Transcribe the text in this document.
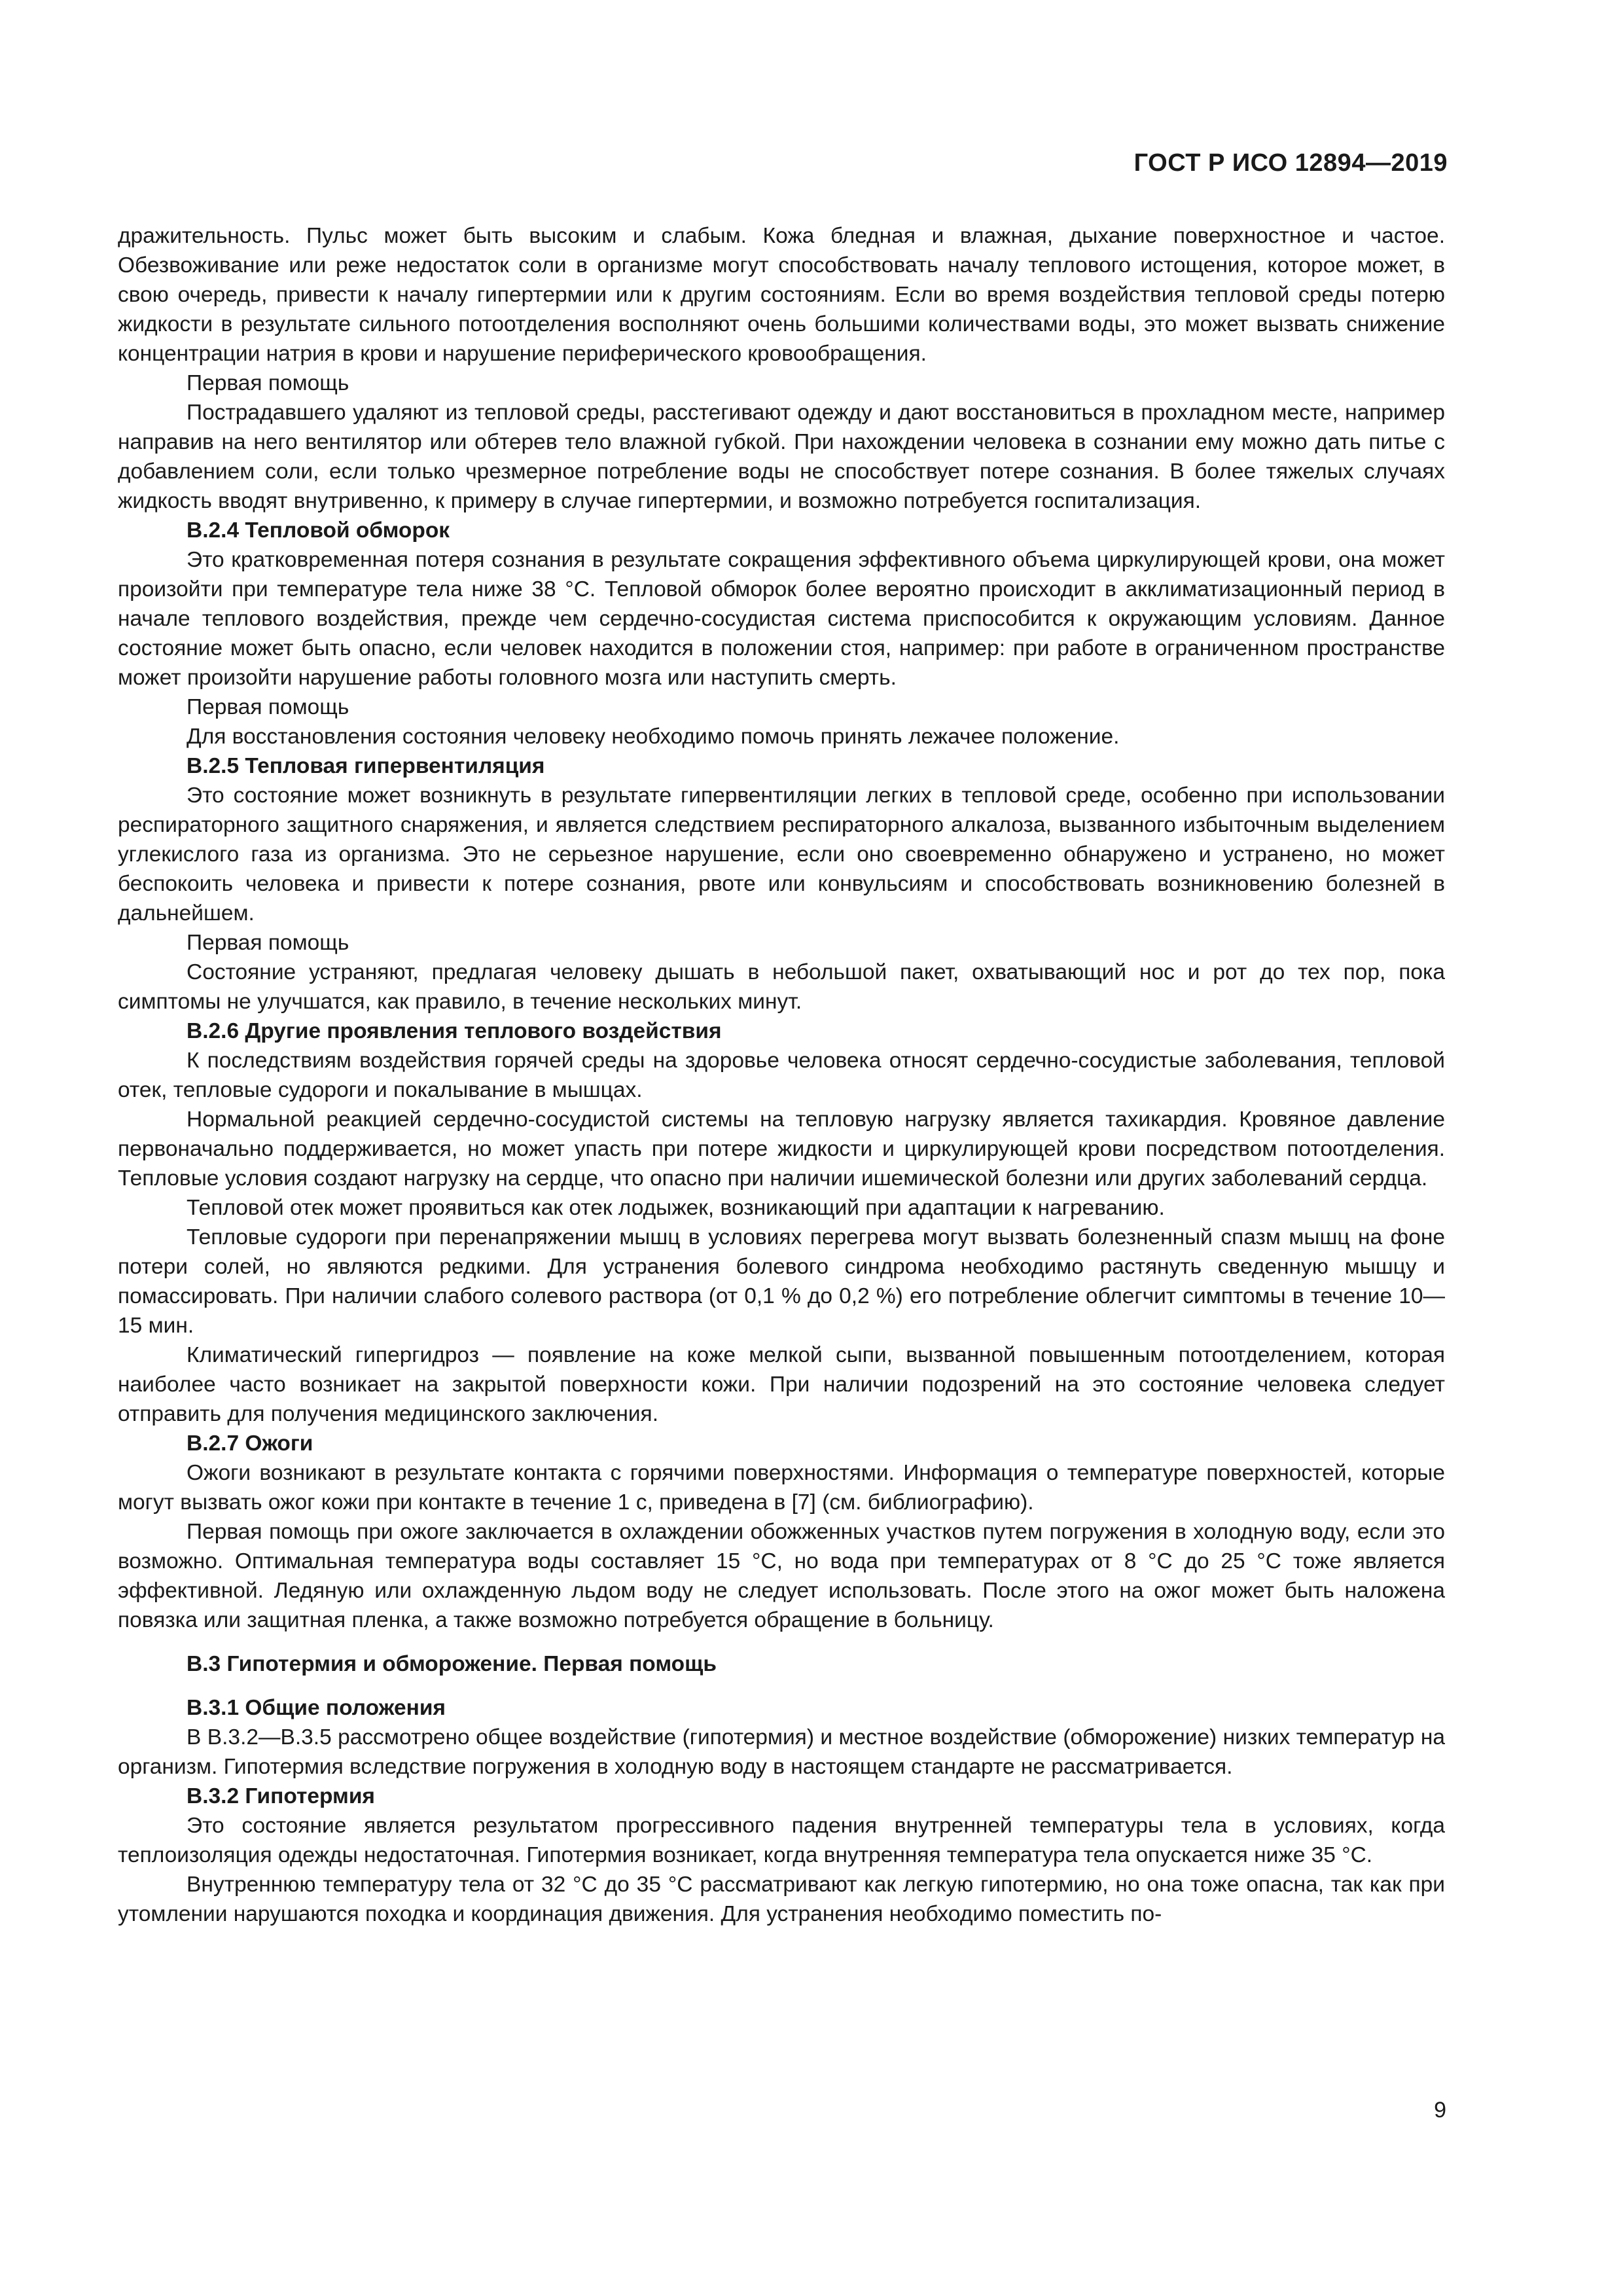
ГОСТ Р ИСО 12894—2019

дражительность. Пульс может быть высоким и слабым. Кожа бледная и влажная, дыхание поверхностное и частое. Обезвоживание или реже недостаток соли в организме могут способствовать началу теплового истощения, которое может, в свою очередь, привести к началу гипертермии или к другим состояниям. Если во время воздействия тепловой среды потерю жидкости в результате сильного потоотделения восполняют очень большими количествами воды, это может вызвать снижение концентрации натрия в крови и нарушение периферического кровообращения.

Первая помощь

Пострадавшего удаляют из тепловой среды, расстегивают одежду и дают восстановиться в прохладном месте, например направив на него вентилятор или обтерев тело влажной губкой. При нахождении человека в сознании ему можно дать питье с добавлением соли, если только чрезмерное потребление воды не способствует потере сознания. В более тяжелых случаях жидкость вводят внутривенно, к примеру в случае гипертермии, и возможно потребуется госпитализация.

В.2.4 Тепловой обморок

Это кратковременная потеря сознания в результате сокращения эффективного объема циркулирующей крови, она может произойти при температуре тела ниже 38 °С. Тепловой обморок более вероятно происходит в акклиматизационный период в начале теплового воздействия, прежде чем сердечно-сосудистая система приспособится к окружающим условиям. Данное состояние может быть опасно, если человек находится в положении стоя, например: при работе в ограниченном пространстве может произойти нарушение работы головного мозга или наступить смерть.

Первая помощь

Для восстановления состояния человеку необходимо помочь принять лежачее положение.

В.2.5 Тепловая гипервентиляция

Это состояние может возникнуть в результате гипервентиляции легких в тепловой среде, особенно при использовании респираторного защитного снаряжения, и является следствием респираторного алкалоза, вызванного избыточным выделением углекислого газа из организма. Это не серьезное нарушение, если оно своевременно обнаружено и устранено, но может беспокоить человека и привести к потере сознания, рвоте или конвульсиям и способствовать возникновению болезней в дальнейшем.

Первая помощь

Состояние устраняют, предлагая человеку дышать в небольшой пакет, охватывающий нос и рот до тех пор, пока симптомы не улучшатся, как правило, в течение нескольких минут.

В.2.6 Другие проявления теплового воздействия

К последствиям воздействия горячей среды на здоровье человека относят сердечно-сосудистые заболевания, тепловой отек, тепловые судороги и покалывание в мышцах.

Нормальной реакцией сердечно-сосудистой системы на тепловую нагрузку является тахикардия. Кровяное давление первоначально поддерживается, но может упасть при потере жидкости и циркулирующей крови посредством потоотделения. Тепловые условия создают нагрузку на сердце, что опасно при наличии ишемической болезни или других заболеваний сердца.

Тепловой отек может проявиться как отек лодыжек, возникающий при адаптации к нагреванию.

Тепловые судороги при перенапряжении мышц в условиях перегрева могут вызвать болезненный спазм мышц на фоне потери солей, но являются редкими. Для устранения болевого синдрома необходимо растянуть сведенную мышцу и помассировать. При наличии слабого солевого раствора (от 0,1 % до 0,2 %) его потребление облегчит симптомы в течение 10—15 мин.

Климатический гипергидроз — появление на коже мелкой сыпи, вызванной повышенным потоотделением, которая наиболее часто возникает на закрытой поверхности кожи. При наличии подозрений на это состояние человека следует отправить для получения медицинского заключения.

В.2.7 Ожоги

Ожоги возникают в результате контакта с горячими поверхностями. Информация о температуре поверхностей, которые могут вызвать ожог кожи при контакте в течение 1 с, приведена в [7] (см. библиографию).

Первая помощь при ожоге заключается в охлаждении обожженных участков путем погружения в холодную воду, если это возможно. Оптимальная температура воды составляет 15 °С, но вода при температурах от 8 °С до 25 °С тоже является эффективной. Ледяную или охлажденную льдом воду не следует использовать. После этого на ожог может быть наложена повязка или защитная пленка, а также возможно потребуется обращение в больницу.

В.3 Гипотермия и обморожение. Первая помощь

В.3.1 Общие положения

В В.3.2—В.3.5 рассмотрено общее воздействие (гипотермия) и местное воздействие (обморожение) низких температур на организм. Гипотермия вследствие погружения в холодную воду в настоящем стандарте не рассматривается.

В.3.2 Гипотермия

Это состояние является результатом прогрессивного падения внутренней температуры тела в условиях, когда теплоизоляция одежды недостаточная. Гипотермия возникает, когда внутренняя температура тела опускается ниже 35 °С.

Внутреннюю температуру тела от 32 °С до 35 °С рассматривают как легкую гипотермию, но она тоже опасна, так как при утомлении нарушаются походка и координация движения. Для устранения необходимо поместить по-

9
